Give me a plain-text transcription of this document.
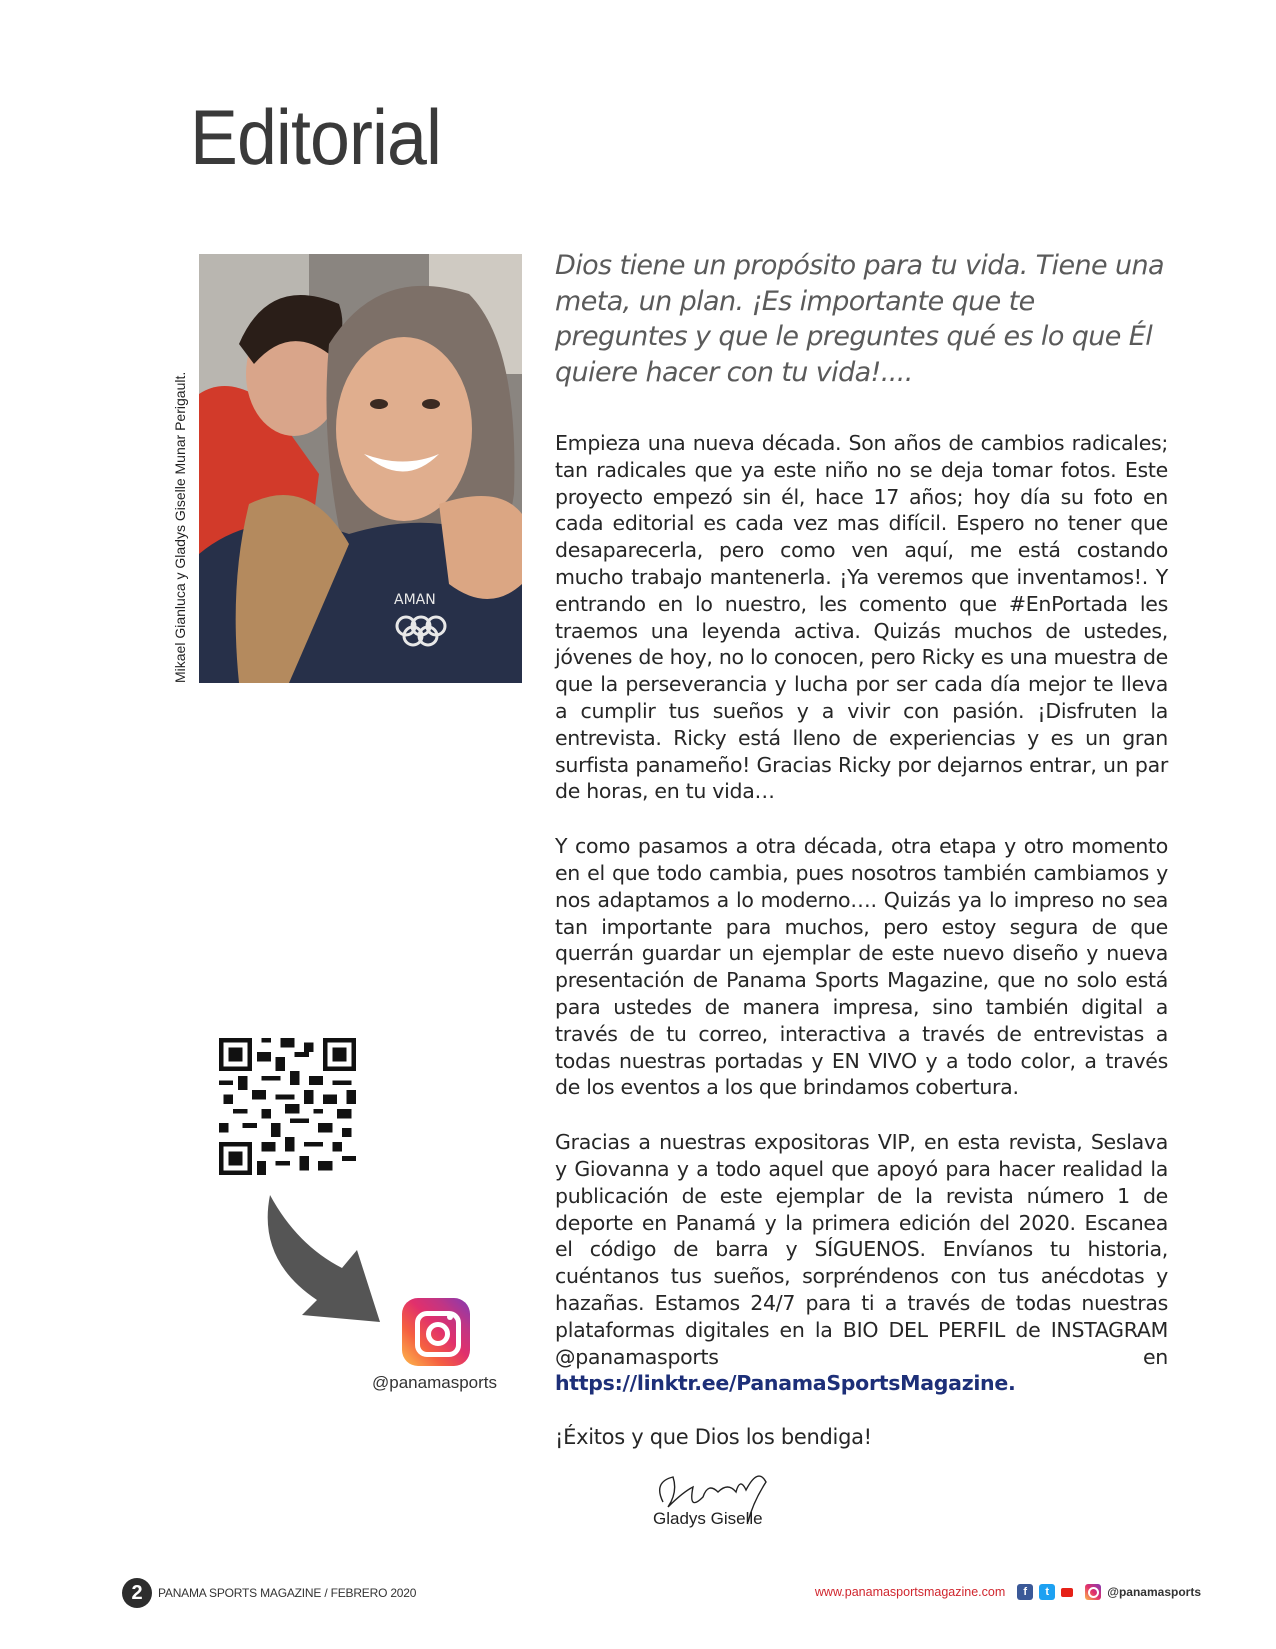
Editorial
Mikael Gianluca y Gladys Giselle Munar Perigault.	AMAN

Dios tiene un propósito para tu vida. Tiene una meta, un plan. ¡Es importante que te preguntes y que le preguntes qué es lo que Él quiere hacer con tu vida!....

Empieza una nueva década. Son años de cambios radicales; tan radicales que ya este niño no se deja tomar fotos. Este proyecto empezó sin él, hace 17 años; hoy día su foto en cada editorial es cada vez mas difícil. Espero no tener que desaparecerla, pero como ven aquí, me está costando mucho trabajo mantenerla. ¡Ya veremos que inventamos!. Y entrando en lo nuestro, les comento que #EnPortada les traemos una leyenda activa. Quizás muchos de ustedes, jóvenes de hoy, no lo conocen, pero Ricky es una muestra de que la perseverancia y lucha por ser cada día mejor te lleva a cumplir tus sueños y a vivir con pasión. ¡Disfruten la entrevista. Ricky está lleno de experiencias y es un gran surfista panameño! Gracias Ricky por dejarnos entrar, un par de horas, en tu vida…

Y como pasamos a otra década, otra etapa y otro momento en el que todo cambia, pues nosotros también cambiamos y nos adaptamos a lo moderno…. Quizás ya lo impreso no sea tan importante para muchos, pero estoy segura de que querrán guardar un ejemplar de este nuevo diseño y nueva presentación de Panama Sports Magazine, que no solo está para ustedes de manera impresa, sino también digital a través de tu correo, interactiva a través de entrevistas a todas nuestras portadas y EN VIVO y a todo color, a través de los eventos a los que brindamos cobertura.

Gracias a nuestras expositoras VIP, en esta revista, Seslava y Giovanna y a todo aquel que apoyó para hacer realidad la publicación de este ejemplar de la revista número 1 de deporte en Panamá y la primera edición del 2020. Escanea el código de barra y SÍGUENOS. Envíanos tu historia, cuéntanos tus sueños, sorpréndenos con tus anécdotas y hazañas. Estamos 24/7 para ti a través de todas nuestras plataformas digitales en la BIO DEL PERFIL de INSTAGRAM @panamasports en https://linktr.ee/PanamaSportsMagazine.

¡Éxitos y que Dios los bendiga!

Gladys Giselle
@panamasports
2	PANAMA SPORTS MAGAZINE / FEBRERO 2020	www.panamasportsmagazine.com	f	t	@panamasports
